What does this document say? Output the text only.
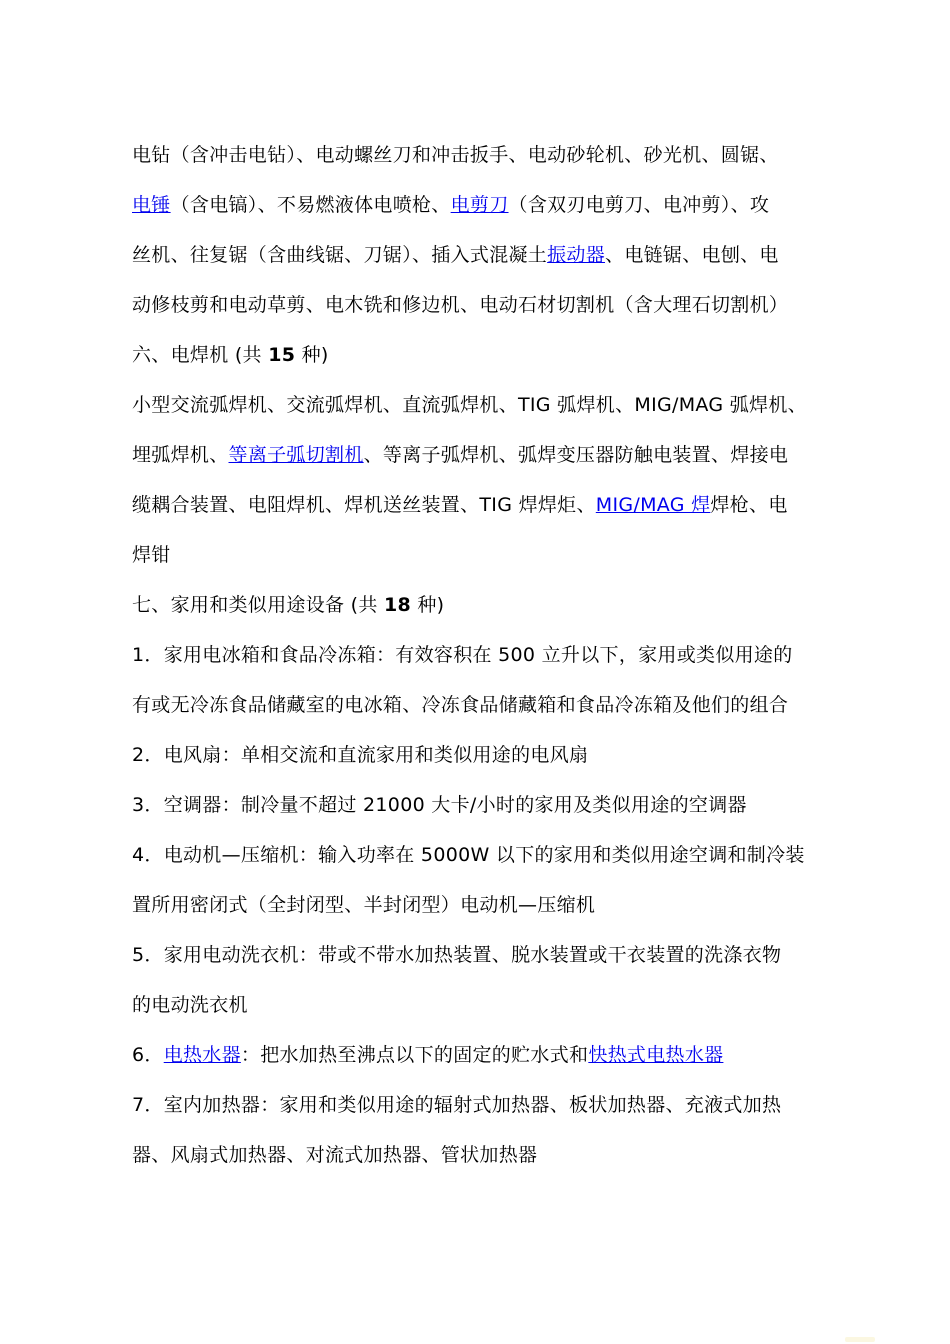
电钻（含冲击电钻）、电动螺丝刀和冲击扳手、电动砂轮机、砂光机、圆锯、
电锤（含电镐）、不易燃液体电喷枪、电剪刀（含双刃电剪刀、电冲剪）、攻
丝机、往复锯（含曲线锯、刀锯）、插入式混凝土振动器、电链锯、电刨、电
动修枝剪和电动草剪、电木铣和修边机、电动石材切割机（含大理石切割机）
六、电焊机 (共 15 种)
小型交流弧焊机、交流弧焊机、直流弧焊机、TIG 弧焊机、MIG/MAG 弧焊机、
埋弧焊机、等离子弧切割机、等离子弧焊机、弧焊变压器防触电装置、焊接电
缆耦合装置、电阻焊机、焊机送丝装置、TIG 焊焊炬、MIG/MAG 焊焊枪、电
焊钳
七、家用和类似用途设备 (共 18 种)
1．家用电冰箱和食品冷冻箱：有效容积在 500 立升以下，家用或类似用途的
有或无冷冻食品储藏室的电冰箱、冷冻食品储藏箱和食品冷冻箱及他们的组合
2．电风扇：单相交流和直流家用和类似用途的电风扇
3．空调器：制冷量不超过 21000 大卡/小时的家用及类似用途的空调器
4．电动机—压缩机：输入功率在 5000W 以下的家用和类似用途空调和制冷装
置所用密闭式（全封闭型、半封闭型）电动机—压缩机
5．家用电动洗衣机：带或不带水加热装置、脱水装置或干衣装置的洗涤衣物
的电动洗衣机
6．电热水器：把水加热至沸点以下的固定的贮水式和快热式电热水器
7．室内加热器：家用和类似用途的辐射式加热器、板状加热器、充液式加热
器、风扇式加热器、对流式加热器、管状加热器
